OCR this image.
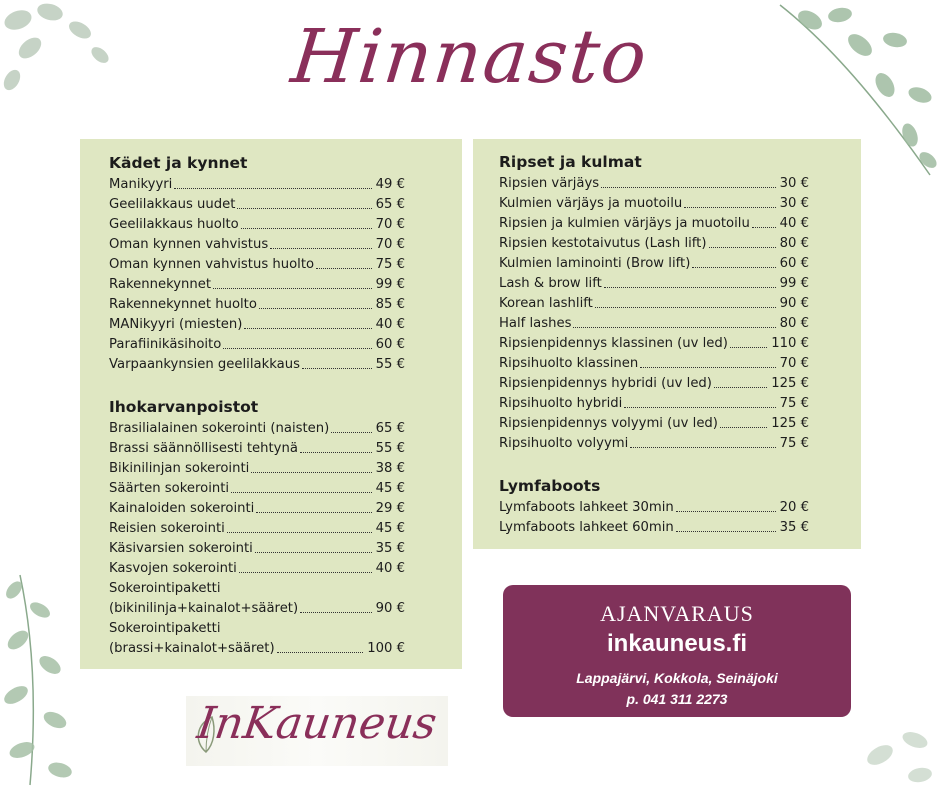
Hinnasto
Kädet ja kynnet
Manikyyri	49 €
Geelilakkaus uudet	65 €
Geelilakkaus huolto	70 €
Oman kynnen vahvistus	70 €
Oman kynnen vahvistus huolto	75 €
Rakennekynnet	99 €
Rakennekynnet huolto	85 €
MANikyyri (miesten)	40 €
Parafiinikäsihoito	60 €
Varpaankynsien geelilakkaus	55 €
Ihokarvanpoistot
Brasilialainen sokerointi (naisten)	65 €
Brassi säännöllisesti tehtynä	55 €
Bikinilinjan sokerointi	38 €
Säärten sokerointi	45 €
Kainaloiden sokerointi	29 €
Reisien sokerointi	45 €
Käsivarsien sokerointi	35 €
Kasvojen sokerointi	40 €
Sokerointipaketti
(bikinilinja+kainalot+sääret)	90 €
Sokerointipaketti
(brassi+kainalot+sääret)	100 €
Ripset ja kulmat
Ripsien värjäys	30 €
Kulmien värjäys ja muotoilu	30 €
Ripsien ja kulmien värjäys ja muotoilu 40 €
Ripsien kestotaivutus (Lash lift)	80 €
Kulmien laminointi (Brow lift)	60 €
Lash & brow lift	99 €
Korean lashlift	90 €
Half lashes	80 €
Ripsienpidennys klassinen (uv led)	110 €
Ripsihuolto klassinen	70 €
Ripsienpidennys hybridi (uv led)	125 €
Ripsihuolto hybridi	75 €
Ripsienpidennys volyymi (uv led)	125 €
Ripsihuolto volyymi	75 €
Lymfaboots
Lymfaboots lahkeet 30min	20 €
Lymfaboots lahkeet 60min	35 €
AJANVARAUS
inkauneus.fi
Lappajärvi, Kokkola, Seinäjoki
p. 041 311 2273
InKauneus
